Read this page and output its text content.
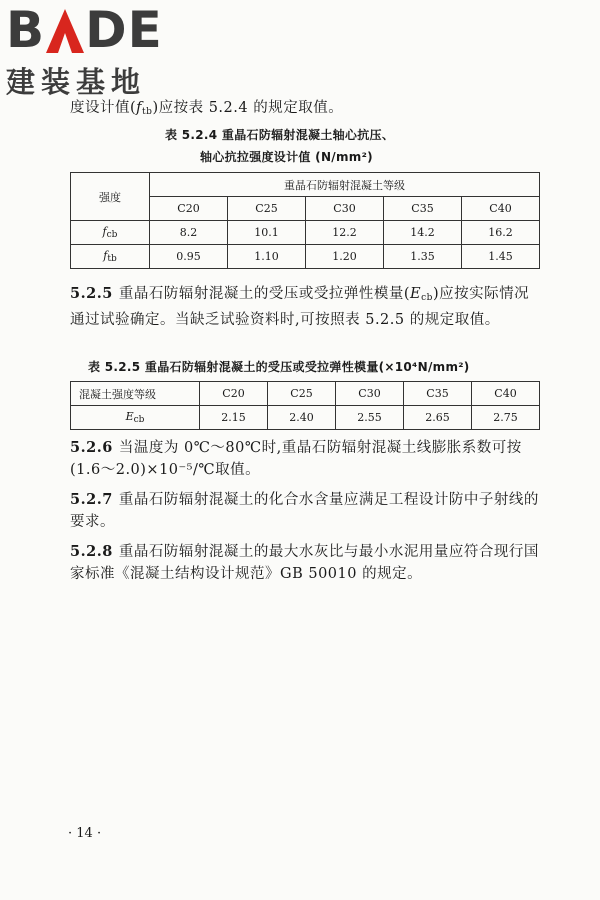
B DE
建装基地
度设计值$(f_{tb})$应按表 5.2.4 的规定取值。
表 5.2.4 重晶石防辐射混凝土轴心抗压、
轴心抗拉强度设计值 (N/mm²)
强度	重晶石防辐射混凝土等级				
	C20	C25	C30	C35	C40
$f_{cb}$	8.2	10.1	12.2	14.2	16.2
$f_{tb}$	0.95	1.10	1.20	1.35	1.45
5.2.5 重晶石防辐射混凝土的受压或受拉弹性模量$(E_{cb})$应按实际情况通过试验确定。当缺乏试验资料时,可按照表 5.2.5 的规定取值。
表 5.2.5 重晶石防辐射混凝土的受压或受拉弹性模量(×10⁴N/mm²)
混凝土强度等级	C20	C25	C30	C35	C40
$E_{cb}$	2.15	2.40	2.55	2.65	2.75
5.2.6 当温度为 0℃～80℃时,重晶石防辐射混凝土线膨胀系数可按(1.6～2.0)×10⁻⁵/℃取值。
5.2.7 重晶石防辐射混凝土的化合水含量应满足工程设计防中子射线的要求。
5.2.8 重晶石防辐射混凝土的最大水灰比与最小水泥用量应符合现行国家标准《混凝土结构设计规范》GB 50010 的规定。
· 14 ·
